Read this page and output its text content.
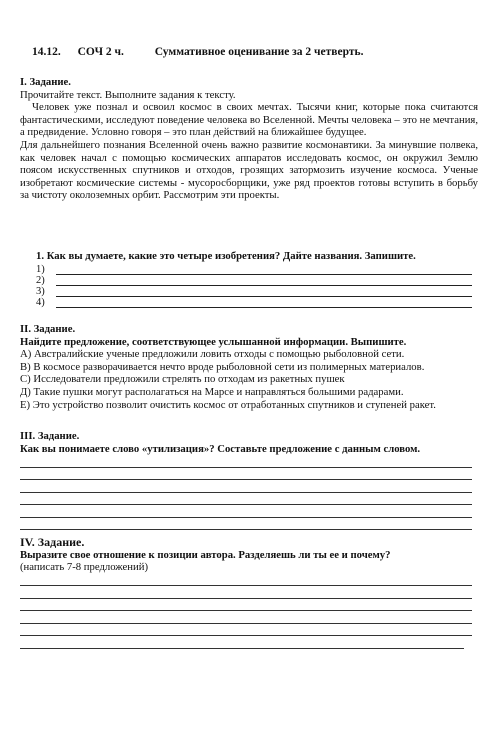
14.12. СОЧ 2 ч.	Суммативное оценивание за 2 четверть.
I. Задание.
Прочитайте текст. Выполните задания к тексту.
Человек уже познал и освоил космос в своих мечтах. Тысячи книг, которые пока считаются фантастическими, исследуют поведение человека во Вселенной. Мечты человека – это не мечтания, а предвидение. Условно говоря – это план действий на ближайшее будущее.
Для дальнейшего познания Вселенной очень важно развитие космонавтики. За минувшие полвека, как человек начал с помощью космических аппаратов исследовать космос, он окружил Землю поясом искусственных спутников и отходов, грозящих затормозить изучение космоса. Ученые изобретают космические системы - мусоросборщики, уже ряд проектов готовы вступить в борьбу за чистоту околоземных орбит. Рассмотрим эти проекты.
1. Как вы думаете, какие это четыре изобретения? Дайте названия. Запишите.
1)
2)
3)
4)
II. Задание.
Найдите предложение, соответствующее услышанной информации. Выпишите.
А) Австралийские ученые предложили ловить отходы с помощью рыболовной сети.
В) В космосе разворачивается нечто вроде рыболовной сети из полимерных материалов.
С) Исследователи предложили стрелять по отходам из ракетных пушек
Д) Такие пушки могут располагаться на Марсе и направляться большими радарами.
Е) Это устройство позволит очистить космос от отработанных спутников и ступеней ракет.
III. Задание.
Как вы понимаете слово «утилизация»? Составьте предложение с данным словом.
IV. Задание.
Выразите свое отношение к позиции автора. Разделяешь ли ты ее и почему?
(написать 7-8 предложений)
